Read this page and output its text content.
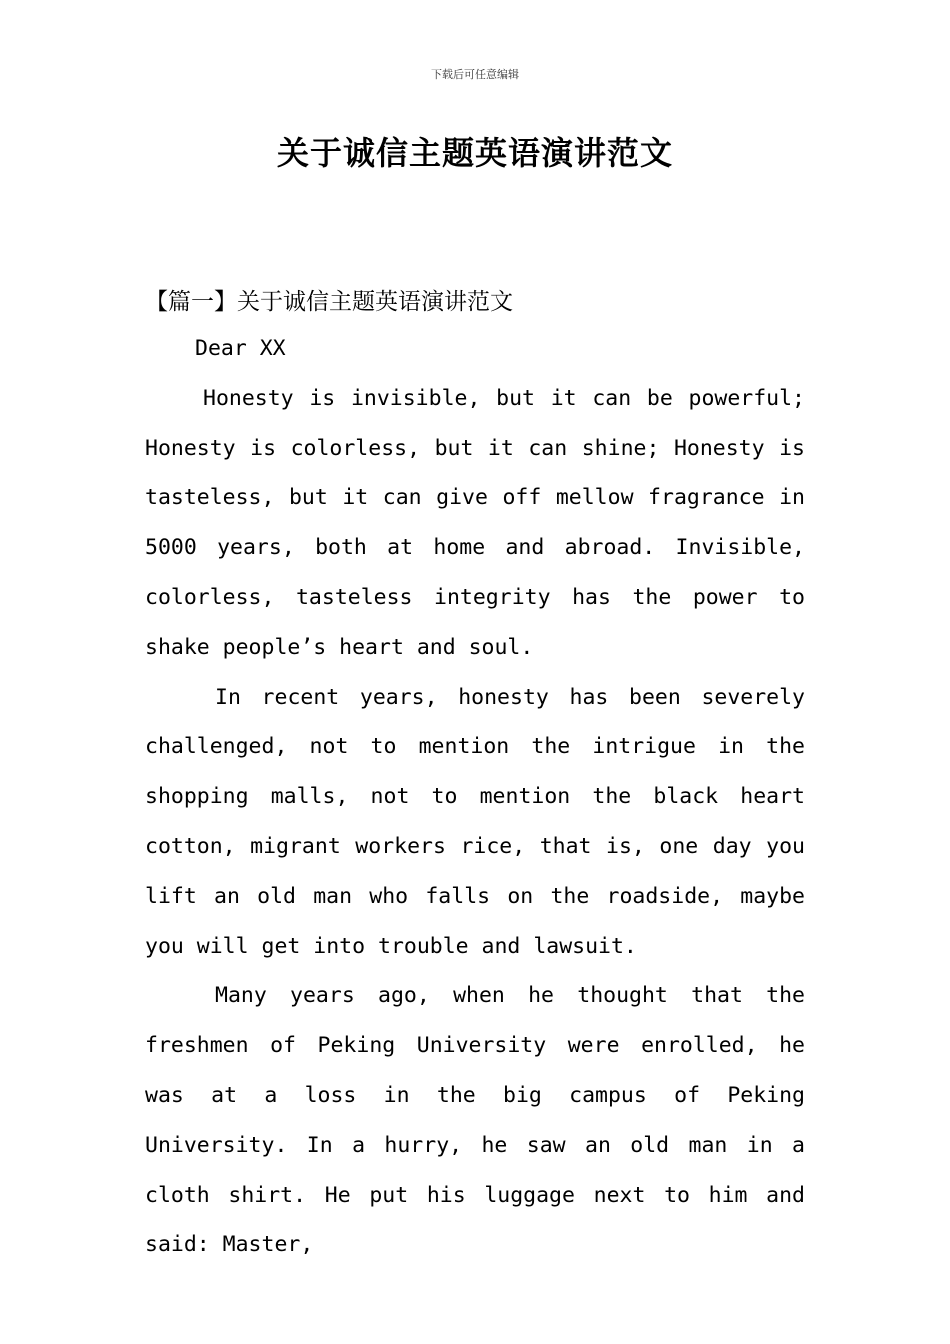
下载后可任意编辑
关于诚信主题英语演讲范文
【篇一】关于诚信主题英语演讲范文

Dear XX

Honesty is invisible, but it can be powerful; Honesty is colorless, but it can shine; Honesty is tasteless, but it can give off mellow fragrance in 5000 years, both at home and abroad. Invisible, colorless, tasteless integrity has the power to shake people’s heart and soul.

In recent years, honesty has been severely challenged, not to mention the intrigue in the shopping malls, not to mention the black heart cotton, migrant workers rice, that is, one day you lift an old man who falls on the roadside, maybe you will get into trouble and lawsuit.

Many years ago, when he thought that the freshmen of Peking University were enrolled, he was at a loss in the big campus of Peking University. In a hurry, he saw an old man in a cloth shirt. He put his luggage next to him and said: Master,
